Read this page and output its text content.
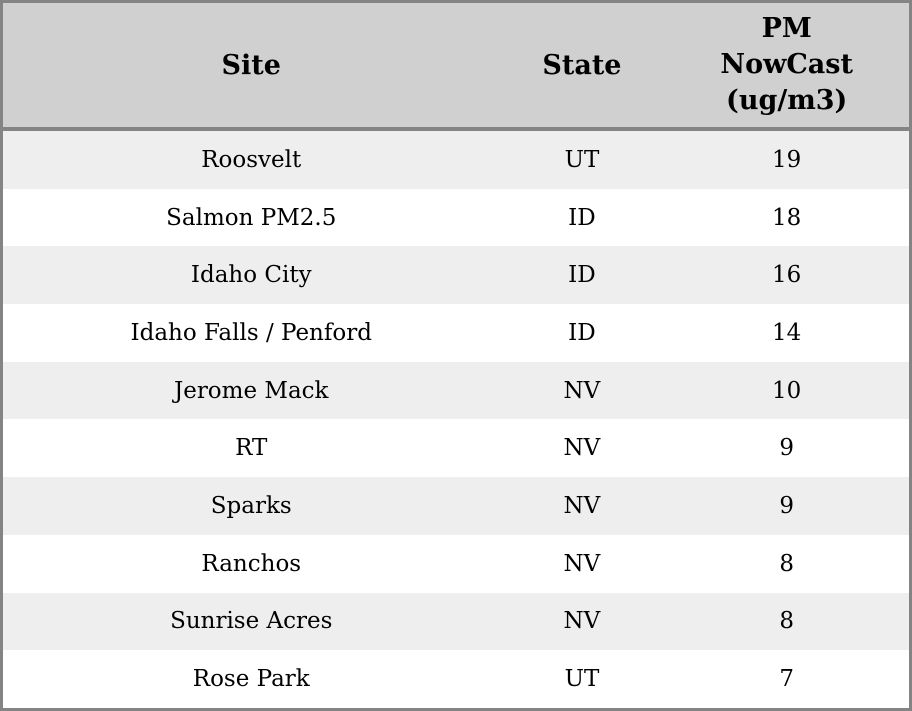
Site	State	PM
NowCast
(ug/m3)

Roosvelt	UT	19
Salmon PM2.5	ID	18
Idaho City	ID	16
Idaho Falls / Penford	ID	14
Jerome Mack	NV	10
RT	NV	9
Sparks	NV	9
Ranchos	NV	8
Sunrise Acres	NV	8
Rose Park	UT	7
